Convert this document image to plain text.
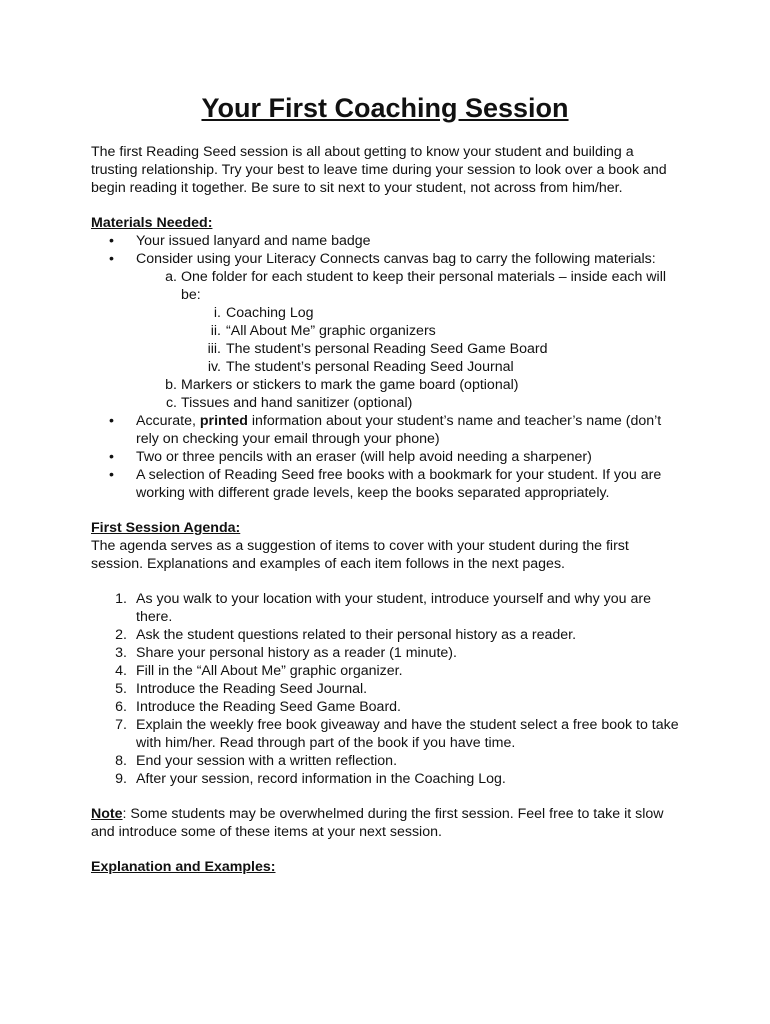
Your First Coaching Session

The first Reading Seed session is all about getting to know your student and building a trusting relationship. Try your best to leave time during your session to look over a book and begin reading it together. Be sure to sit next to your student, not across from him/her.

Materials Needed:

• Your issued lanyard and name badge
• Consider using your Literacy Connects canvas bag to carry the following materials:
a. One folder for each student to keep their personal materials – inside each will be:
i. Coaching Log
ii. “All About Me” graphic organizers
iii. The student’s personal Reading Seed Game Board
iv. The student’s personal Reading Seed Journal
b. Markers or stickers to mark the game board (optional)
c. Tissues and hand sanitizer (optional)
• Accurate, printed information about your student’s name and teacher’s name (don’t rely on checking your email through your phone)
• Two or three pencils with an eraser (will help avoid needing a sharpener)
• A selection of Reading Seed free books with a bookmark for your student. If you are working with different grade levels, keep the books separated appropriately.

First Session Agenda:

The agenda serves as a suggestion of items to cover with your student during the first session. Explanations and examples of each item follows in the next pages.

1. As you walk to your location with your student, introduce yourself and why you are there.
2. Ask the student questions related to their personal history as a reader.
3. Share your personal history as a reader (1 minute).
4. Fill in the “All About Me” graphic organizer.
5. Introduce the Reading Seed Journal.
6. Introduce the Reading Seed Game Board.
7. Explain the weekly free book giveaway and have the student select a free book to take with him/her. Read through part of the book if you have time.
8. End your session with a written reflection.
9. After your session, record information in the Coaching Log.

Note: Some students may be overwhelmed during the first session. Feel free to take it slow and introduce some of these items at your next session.

Explanation and Examples:
